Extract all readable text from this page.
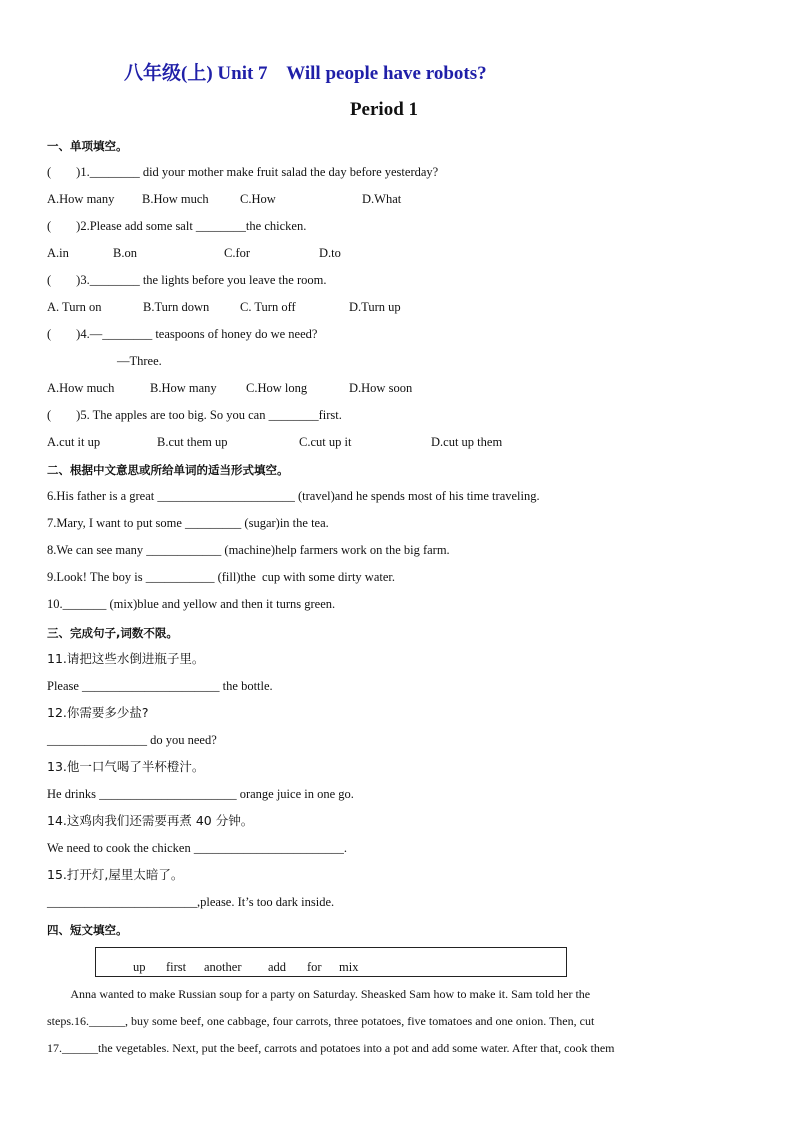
八年级(上) Unit 7    Will people have robots?
Period 1
一、单项填空。
(        )1.________ did your mother make fruit salad the day before yesterday?
A.How many B.How much	C.How	D.What
(        )2.Please add some salt ________the chicken.
A.in	B.on	C.for	D.to
(        )3.________ the lights before you leave the room.
A. Turn on	B.Turn down C. Turn off	D.Turn up
(        )4.—________ teaspoons of honey do we need?
—Three.
A.How much	B.How many C.How long	D.How soon
(        )5. The apples are too big. So you can ________first.
A.cut it up	B.cut them up	C.cut up it	D.cut up them
二、根据中文意思或所给单词的适当形式填空。
6.His father is a great ______________________ (travel)and he spends most of his time traveling.
7.Mary, I want to put some _________ (sugar)in the tea.
8.We can see many ____________ (machine)help farmers work on the big farm.
9.Look! The boy is ___________ (fill)the  cup with some dirty water.
10._______ (mix)blue and yellow and then it turns green.
三、完成句子,词数不限。
11.请把这些水倒进瓶子里。
Please ______________________ the bottle.
12.你需要多少盐?
________________ do you need?
13.他一口气喝了半杯橙汁。
He drinks ______________________ orange juice in one go.
14.这鸡肉我们还需要再煮 40 分钟。
We need to cook the chicken ________________________.
15.打开灯,屋里太暗了。
________________________,please. It’s too dark inside.
四、短文填空。
up first another add for mix
Anna wanted to make Russian soup for a party on Saturday. Sheasked Sam how to make it. Sam told her the
steps.16.______, buy some beef, one cabbage, four carrots, three potatoes, five tomatoes and one onion. Then, cut
17.______the vegetables. Next, put the beef, carrots and potatoes into a pot and add some water. After that, cook them
